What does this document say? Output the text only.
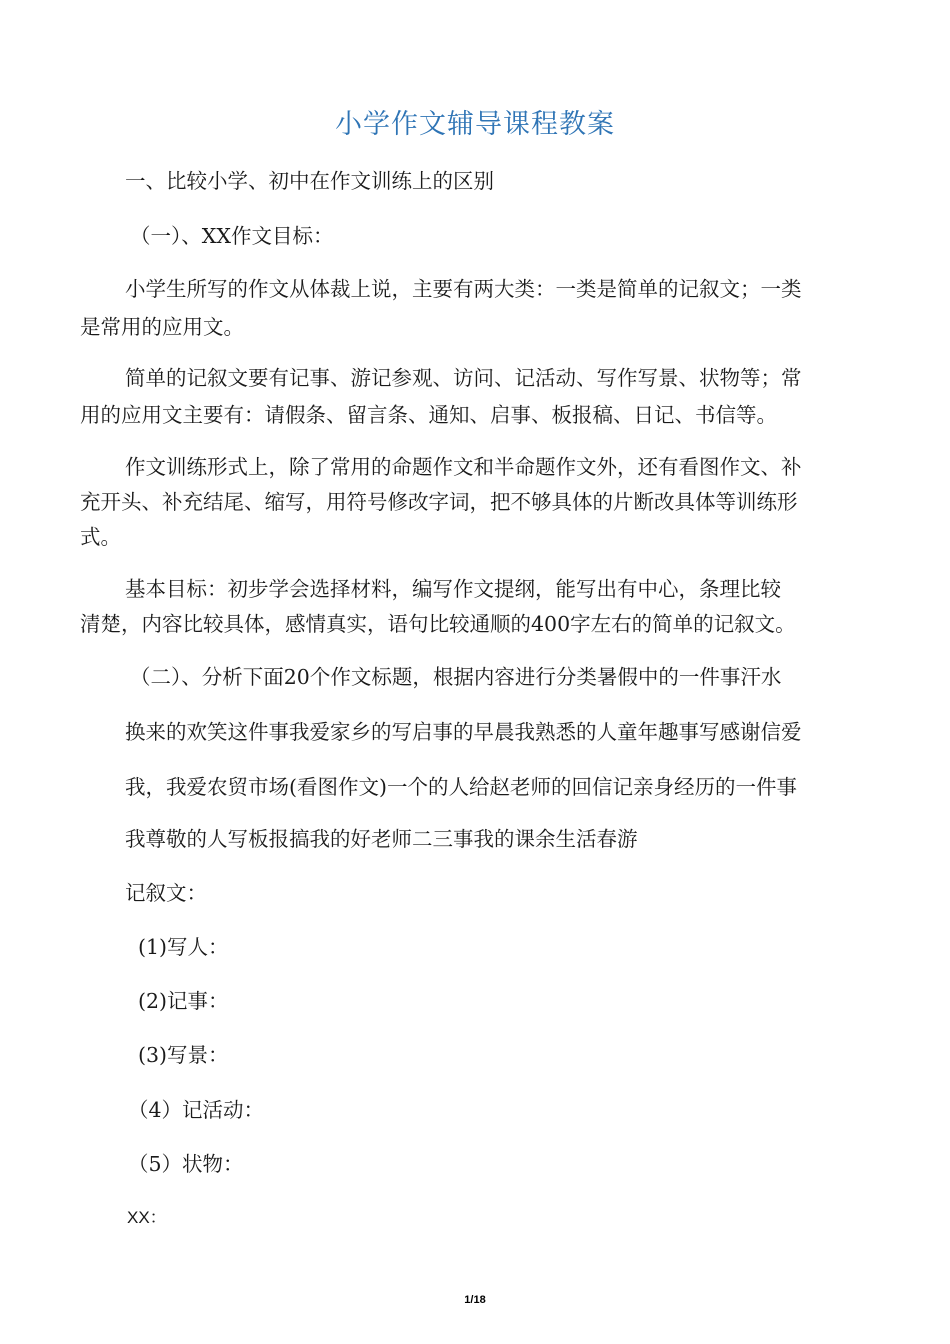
小学作文辅导课程教案
一、比较小学、初中在作文训练上的区别
（一）、XX作文目标：
小学生所写的作文从体裁上说，主要有两大类：一类是简单的记叙文；一类
是常用的应用文。
简单的记叙文要有记事、游记参观、访问、记活动、写作写景、状物等；常
用的应用文主要有：请假条、留言条、通知、启事、板报稿、日记、书信等。
作文训练形式上，除了常用的命题作文和半命题作文外，还有看图作文、补
充开头、补充结尾、缩写，用符号修改字词，把不够具体的片断改具体等训练形
式。
基本目标：初步学会选择材料，编写作文提纲，能写出有中心，条理比较
清楚，内容比较具体，感情真实，语句比较通顺的400字左右的简单的记叙文。
（二）、分析下面20个作文标题，根据内容进行分类暑假中的一件事汗水
换来的欢笑这件事我爱家乡的写启事的早晨我熟悉的人童年趣事写感谢信爱
我，我爱农贸市场(看图作文)一个的人给赵老师的回信记亲身经历的一件事
我尊敬的人写板报搞我的好老师二三事我的课余生活春游
记叙文：
(1)写人：
(2)记事：
(3)写景：
（4）记活动：
（5）状物：
XX：
1/18
